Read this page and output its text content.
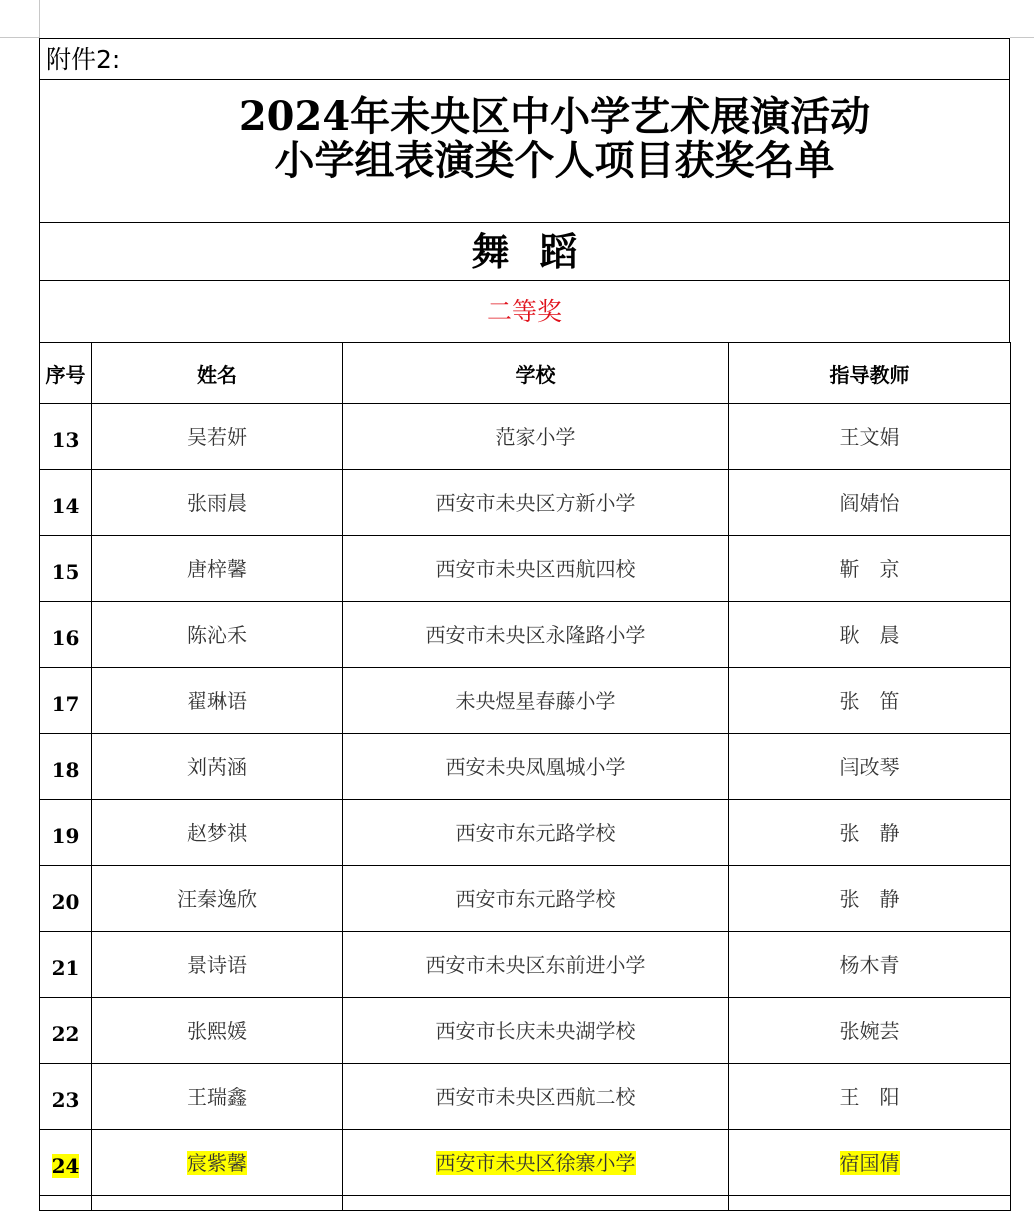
附件2:
2024年未央区中小学艺术展演活动
小学组表演类个人项目获奖名单
舞蹈
二等奖
序号	姓名	学校	指导教师
13	吴若妍	范家小学	王文娟
14	张雨晨	西安市未央区方新小学	阎婧怡
15	唐梓馨	西安市未央区西航四校	靳　京
16	陈沁禾	西安市未央区永隆路小学	耿　晨
17	翟琳语	未央煜星春藤小学	张　笛
18	刘芮涵	西安未央凤凰城小学	闫改琴
19	赵梦祺	西安市东元路学校	张　静
20	汪秦逸欣	西安市东元路学校	张　静
21	景诗语	西安市未央区东前进小学	杨木青
22	张熙媛	西安市长庆未央湖学校	张婉芸
23	王瑞鑫	西安市未央区西航二校	王　阳
24	宸紫馨	西安市未央区徐寨小学	宿国倩
